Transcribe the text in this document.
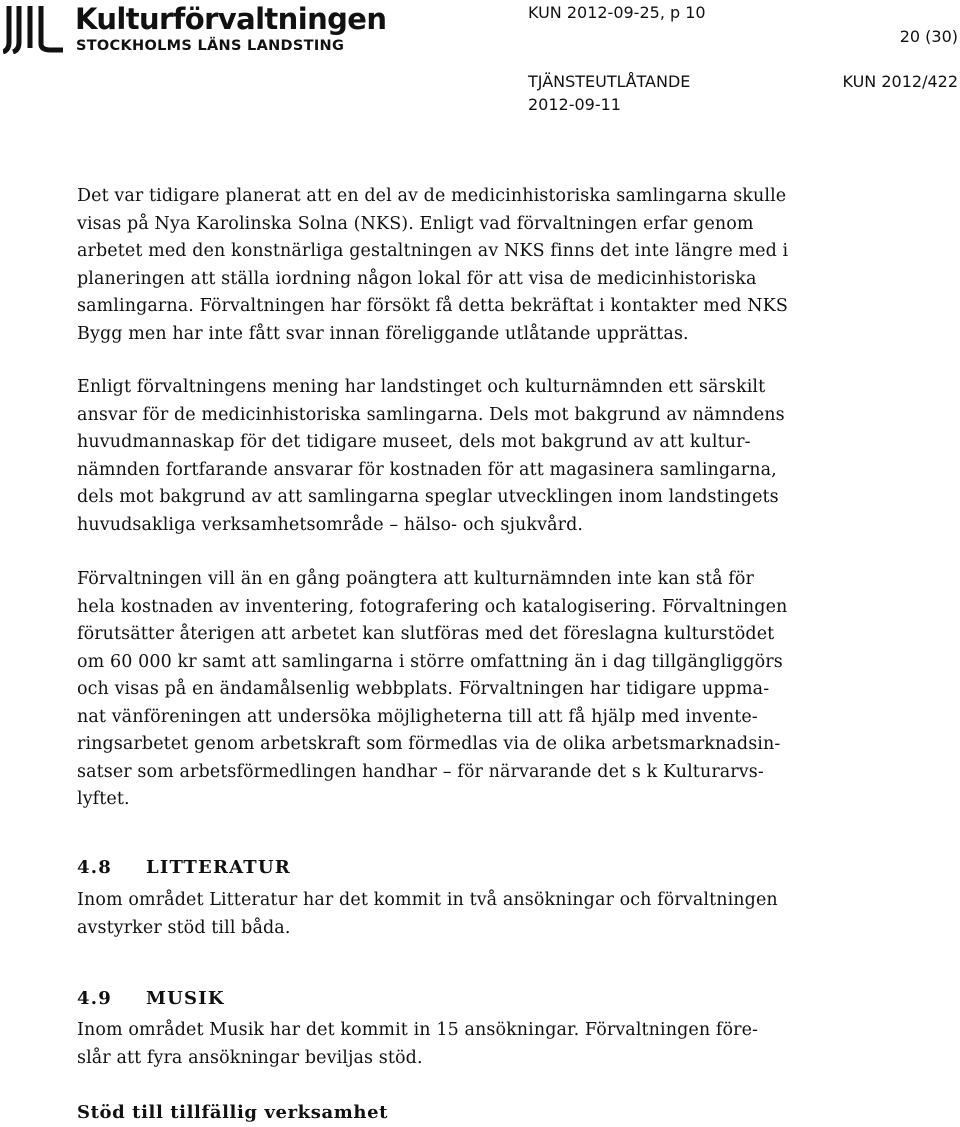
Kulturförvaltningen
STOCKHOLMS LÄNS LANDSTING
KUN 2012-09-25, p 10
20 (30)
TJÄNSTEUTLÅTANDE	KUN 2012/422
2012-09-11
Det var tidigare planerat att en del av de medicinhistoriska samlingarna skulle
visas på Nya Karolinska Solna (NKS). Enligt vad förvaltningen erfar genom
arbetet med den konstnärliga gestaltningen av NKS finns det inte längre med i
planeringen att ställa iordning någon lokal för att visa de medicinhistoriska
samlingarna. Förvaltningen har försökt få detta bekräftat i kontakter med NKS
Bygg men har inte fått svar innan föreliggande utlåtande upprättas.
Enligt förvaltningens mening har landstinget och kulturnämnden ett särskilt
ansvar för de medicinhistoriska samlingarna. Dels mot bakgrund av nämndens
huvudmannaskap för det tidigare museet, dels mot bakgrund av att kultur-
nämnden fortfarande ansvarar för kostnaden för att magasinera samlingarna,
dels mot bakgrund av att samlingarna speglar utvecklingen inom landstingets
huvudsakliga verksamhetsområde – hälso- och sjukvård.
Förvaltningen vill än en gång poängtera att kulturnämnden inte kan stå för
hela kostnaden av inventering, fotografering och katalogisering. Förvaltningen
förutsätter återigen att arbetet kan slutföras med det föreslagna kulturstödet
om 60 000 kr samt att samlingarna i större omfattning än i dag tillgängliggörs
och visas på en ändamålsenlig webbplats. Förvaltningen har tidigare uppma-
nat vänföreningen att undersöka möjligheterna till att få hjälp med invente-
ringsarbetet genom arbetskraft som förmedlas via de olika arbetsmarknadsin-
satser som arbetsförmedlingen handhar – för närvarande det s k Kulturarvs-
lyftet.
4.8 LITTERATUR
Inom området Litteratur har det kommit in två ansökningar och förvaltningen
avstyrker stöd till båda.
4.9 MUSIK
Inom området Musik har det kommit in 15 ansökningar. Förvaltningen före-
slår att fyra ansökningar beviljas stöd.
Stöd till tillfällig verksamhet
